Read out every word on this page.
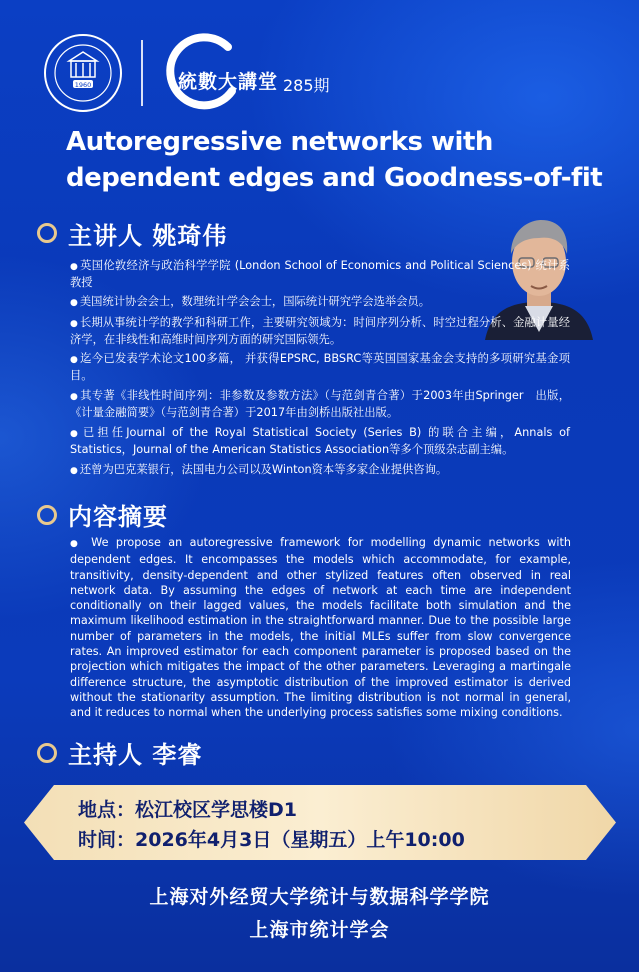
1960	統數大講堂 285期
Autoregressive networks with
dependent edges and Goodness-of-fit
主讲人 姚琦伟
● 英国伦敦经济与政治科学学院 (London School of Economics and Political Sciences) 统计系教授
● 美国统计协会会士，数理统计学会会士，国际统计研究学会选举会员。
● 长期从事统计学的教学和科研工作，主要研究领域为：时间序列分析、时空过程分析、金融计量经济学，在非线性和高维时间序列方面的研究国际领先。
● 迄今已发表学术论文100多篇， 并获得EPSRC, BBSRC等英国国家基金会支持的多项研究基金项目。
● 其专著《非线性时间序列：非参数及参数方法》（与范剑青合著）于2003年由Springer　出版，《计量金融简要》（与范剑青合著）于2017年由剑桥出版社出版。
● 已担任Journal of the Royal Statistical Society (Series B) 的联合主编，Annals of Statistics，Journal of the American Statistics Association等多个顶级杂志副主编。
● 还曾为巴克莱银行，法国电力公司以及Winton资本等多家企业提供咨询。
内容摘要
● We propose an autoregressive framework for modelling dynamic networks with dependent edges. It encompasses the models which accommodate, for example, transitivity, density-dependent and other stylized features often observed in real network data. By assuming the edges of network at each time are independent conditionally on their lagged values, the models facilitate both simulation and the maximum likelihood estimation in the straightforward manner. Due to the possible large number of parameters in the models, the initial MLEs suffer from slow convergence rates. An improved estimator for each component parameter is proposed based on the projection which mitigates the impact of the other parameters. Leveraging a martingale difference structure, the asymptotic distribution of the improved estimator is derived without the stationarity assumption. The limiting distribution is not normal in general, and it reduces to normal when the underlying process satisfies some mixing conditions.
主持人 李睿
地点：松江校区学思楼D1
时间：2026年4月3日（星期五）上午10:00
上海对外经贸大学统计与数据科学学院
上海市统计学会
